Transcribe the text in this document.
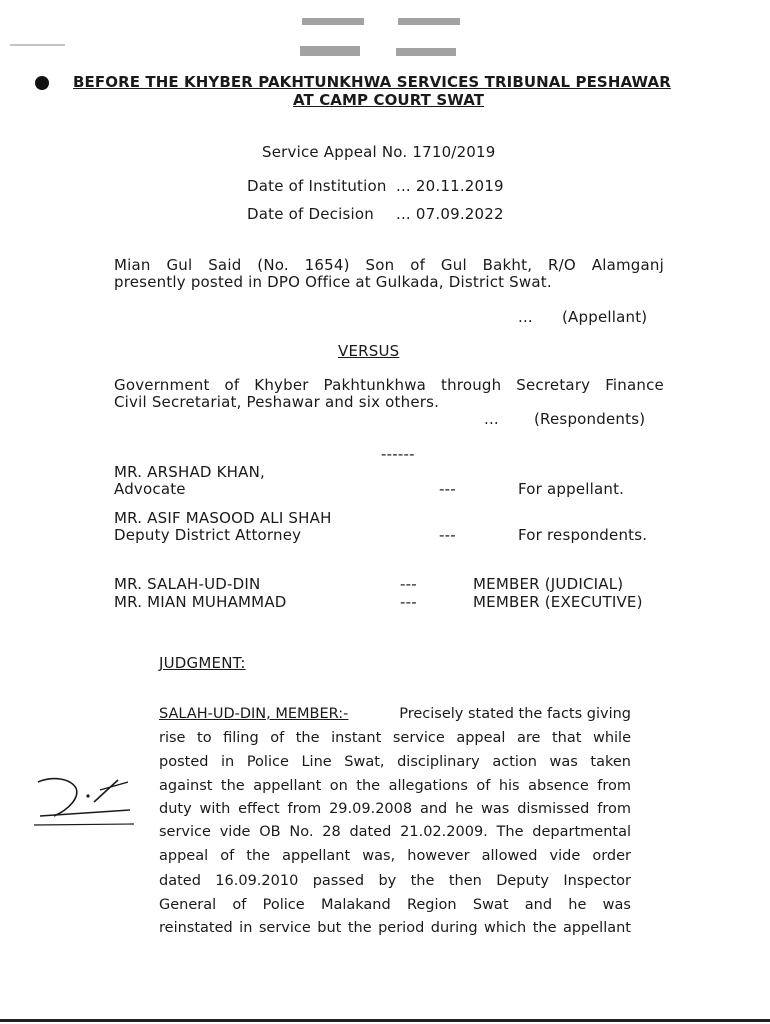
BEFORE THE KHYBER PAKHTUNKHWA SERVICES TRIBUNAL PESHAWAR
AT CAMP COURT SWAT
Service Appeal No. 1710/2019
Date of Institution ... 20.11.2019
Date of Decision ... 07.09.2022
Mian Gul Said (No. 1654) Son of Gul Bakht, R/O Alamganj
presently posted in DPO Office at Gulkada, District Swat.
... (Appellant)
VERSUS
Government of Khyber Pakhtunkhwa through Secretary Finance
Civil Secretariat, Peshawar and six others.
... (Respondents)
------
MR. ARSHAD KHAN,
Advocate	---	For appellant.
MR. ASIF MASOOD ALI SHAH
Deputy District Attorney	---	For respondents.
MR. SALAH-UD-DIN	---	MEMBER (JUDICIAL)
MR. MIAN MUHAMMAD	---	MEMBER (EXECUTIVE)
JUDGMENT:
SALAH-UD-DIN, MEMBER:-	Precisely stated the facts giving
rise to filing of the instant service appeal are that while
posted in Police Line Swat, disciplinary action was taken
against the appellant on the allegations of his absence from
duty with effect from 29.09.2008 and he was dismissed from
service vide OB No. 28 dated 21.02.2009. The departmental
appeal of the appellant was, however allowed vide order
dated 16.09.2010 passed by the then Deputy Inspector
General of Police Malakand Region Swat and he was
reinstated in service but the period during which the appellant
